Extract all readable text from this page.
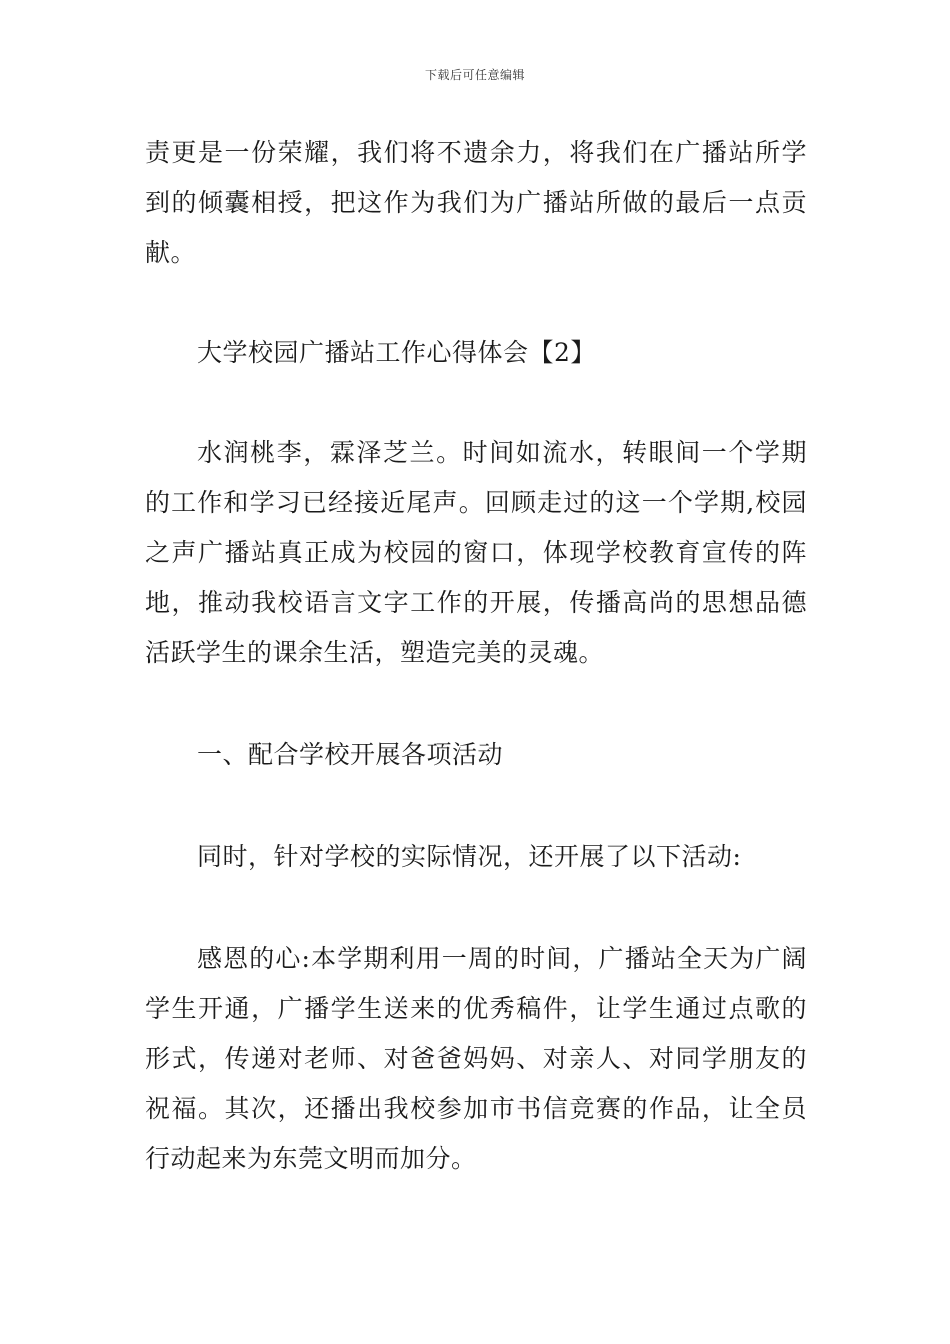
下载后可任意编辑

责更是一份荣耀，我们将不遗余力，将我们在广播站所学到的倾囊相授，把这作为我们为广播站所做的最后一点贡献。

大学校园广播站工作心得体会【2】

水润桃李，霖泽芝兰。时间如流水，转眼间一个学期的工作和学习已经接近尾声。回顾走过的这一个学期,校园之声广播站真正成为校园的窗口，体现学校教育宣传的阵地，推动我校语言文字工作的开展，传播高尚的思想品德活跃学生的课余生活，塑造完美的灵魂。

一、配合学校开展各项活动

同时，针对学校的实际情况，还开展了以下活动:

感恩的心:本学期利用一周的时间，广播站全天为广阔学生开通，广播学生送来的优秀稿件，让学生通过点歌的形式，传递对老师、对爸爸妈妈、对亲人、对同学朋友的祝福。其次，还播出我校参加市书信竞赛的作品，让全员行动起来为东莞文明而加分。
